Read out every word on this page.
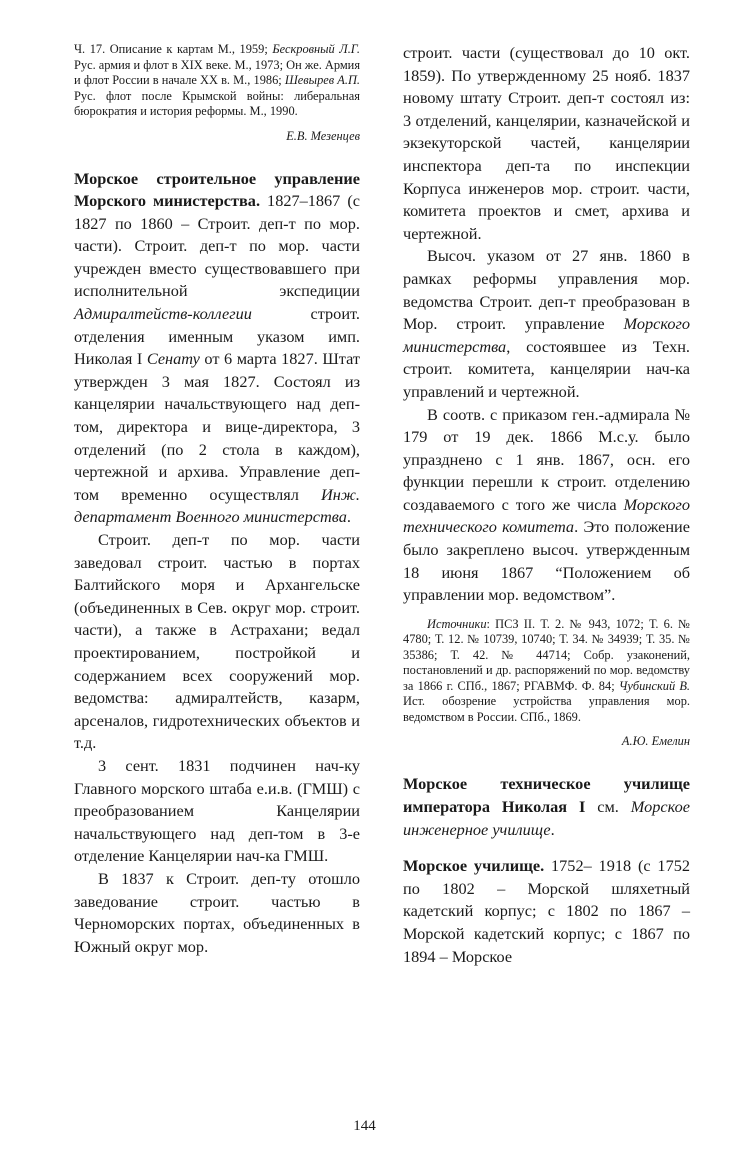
Ч. 17. Описание к картам М., 1959; Бескровный Л.Г. Рус. армия и флот в XIX веке. М., 1973; Он же. Армия и флот России в начале XX в. М., 1986; Шевырев А.П. Рус. флот после Крымской войны: либеральная бюрократия и история реформы. М., 1990.

Е.В. Мезенцев

Морское строительное управление Морского министерства. 1827–1867 (с 1827 по 1860 – Строит. деп-т по мор. части). Строит. деп-т по мор. части учрежден вместо существовавшего при исполнительной экспедиции Адмиралтейств-коллегии строит. отделения именным указом имп. Николая I Сенату от 6 марта 1827. Штат утвержден 3 мая 1827. Состоял из канцелярии начальствующего над деп-том, директора и вице-директора, 3 отделений (по 2 стола в каждом), чертежной и архива. Управление деп-том временно осуществлял Инж. департамент Военного министерства.

Строит. деп-т по мор. части заведовал строит. частью в портах Балтийского моря и Архангельске (объединенных в Сев. округ мор. строит. части), а также в Астрахани; ведал проектированием, постройкой и содержанием всех сооружений мор. ведомства: адмиралтейств, казарм, арсеналов, гидротехнических объектов и т.д.

3 сент. 1831 подчинен нач-ку Главного морского штаба е.и.в. (ГМШ) с преобразованием Канцелярии начальствующего над деп-том в 3-е отделение Канцелярии нач-ка ГМШ.

В 1837 к Строит. деп-ту отошло заведование строит. частью в Черноморских портах, объединенных в Южный округ мор.

строит. части (существовал до 10 окт. 1859). По утвержденному 25 нояб. 1837 новому штату Строит. деп-т состоял из: 3 отделений, канцелярии, казначейской и экзекуторской частей, канцелярии инспектора деп-та по инспекции Корпуса инженеров мор. строит. части, комитета проектов и смет, архива и чертежной.

Высоч. указом от 27 янв. 1860 в рамках реформы управления мор. ведомства Строит. деп-т преобразован в Мор. строит. управление Морского министерства, состоявшее из Техн. строит. комитета, канцелярии нач-ка управлений и чертежной.

В соотв. с приказом ген.-адмирала № 179 от 19 дек. 1866 М.с.у. было упразднено с 1 янв. 1867, осн. его функции перешли к строит. отделению создаваемого с того же числа Морского технического комитета. Это положение было закреплено высоч. утвержденным 18 июня 1867 “Положением об управлении мор. ведомством”.

Источники: ПСЗ II. Т. 2. № 943, 1072; Т. 6. № 4780; Т. 12. № 10739, 10740; Т. 34. № 34939; Т. 35. № 35386; Т. 42. № 44714; Собр. узаконений, постановлений и др. распоряжений по мор. ведомству за 1866 г. СПб., 1867; РГАВМФ. Ф. 84; Чубинский В. Ист. обозрение устройства управления мор. ведомством в России. СПб., 1869.

А.Ю. Емелин

Морское техническое училище императора Николая I см. Морское инженерное училище.

Морское училище. 1752– 1918 (с 1752 по 1802 – Морской шляхетный кадетский корпус; с 1802 по 1867 – Морской кадетский корпус; с 1867 по 1894 – Морское

144
